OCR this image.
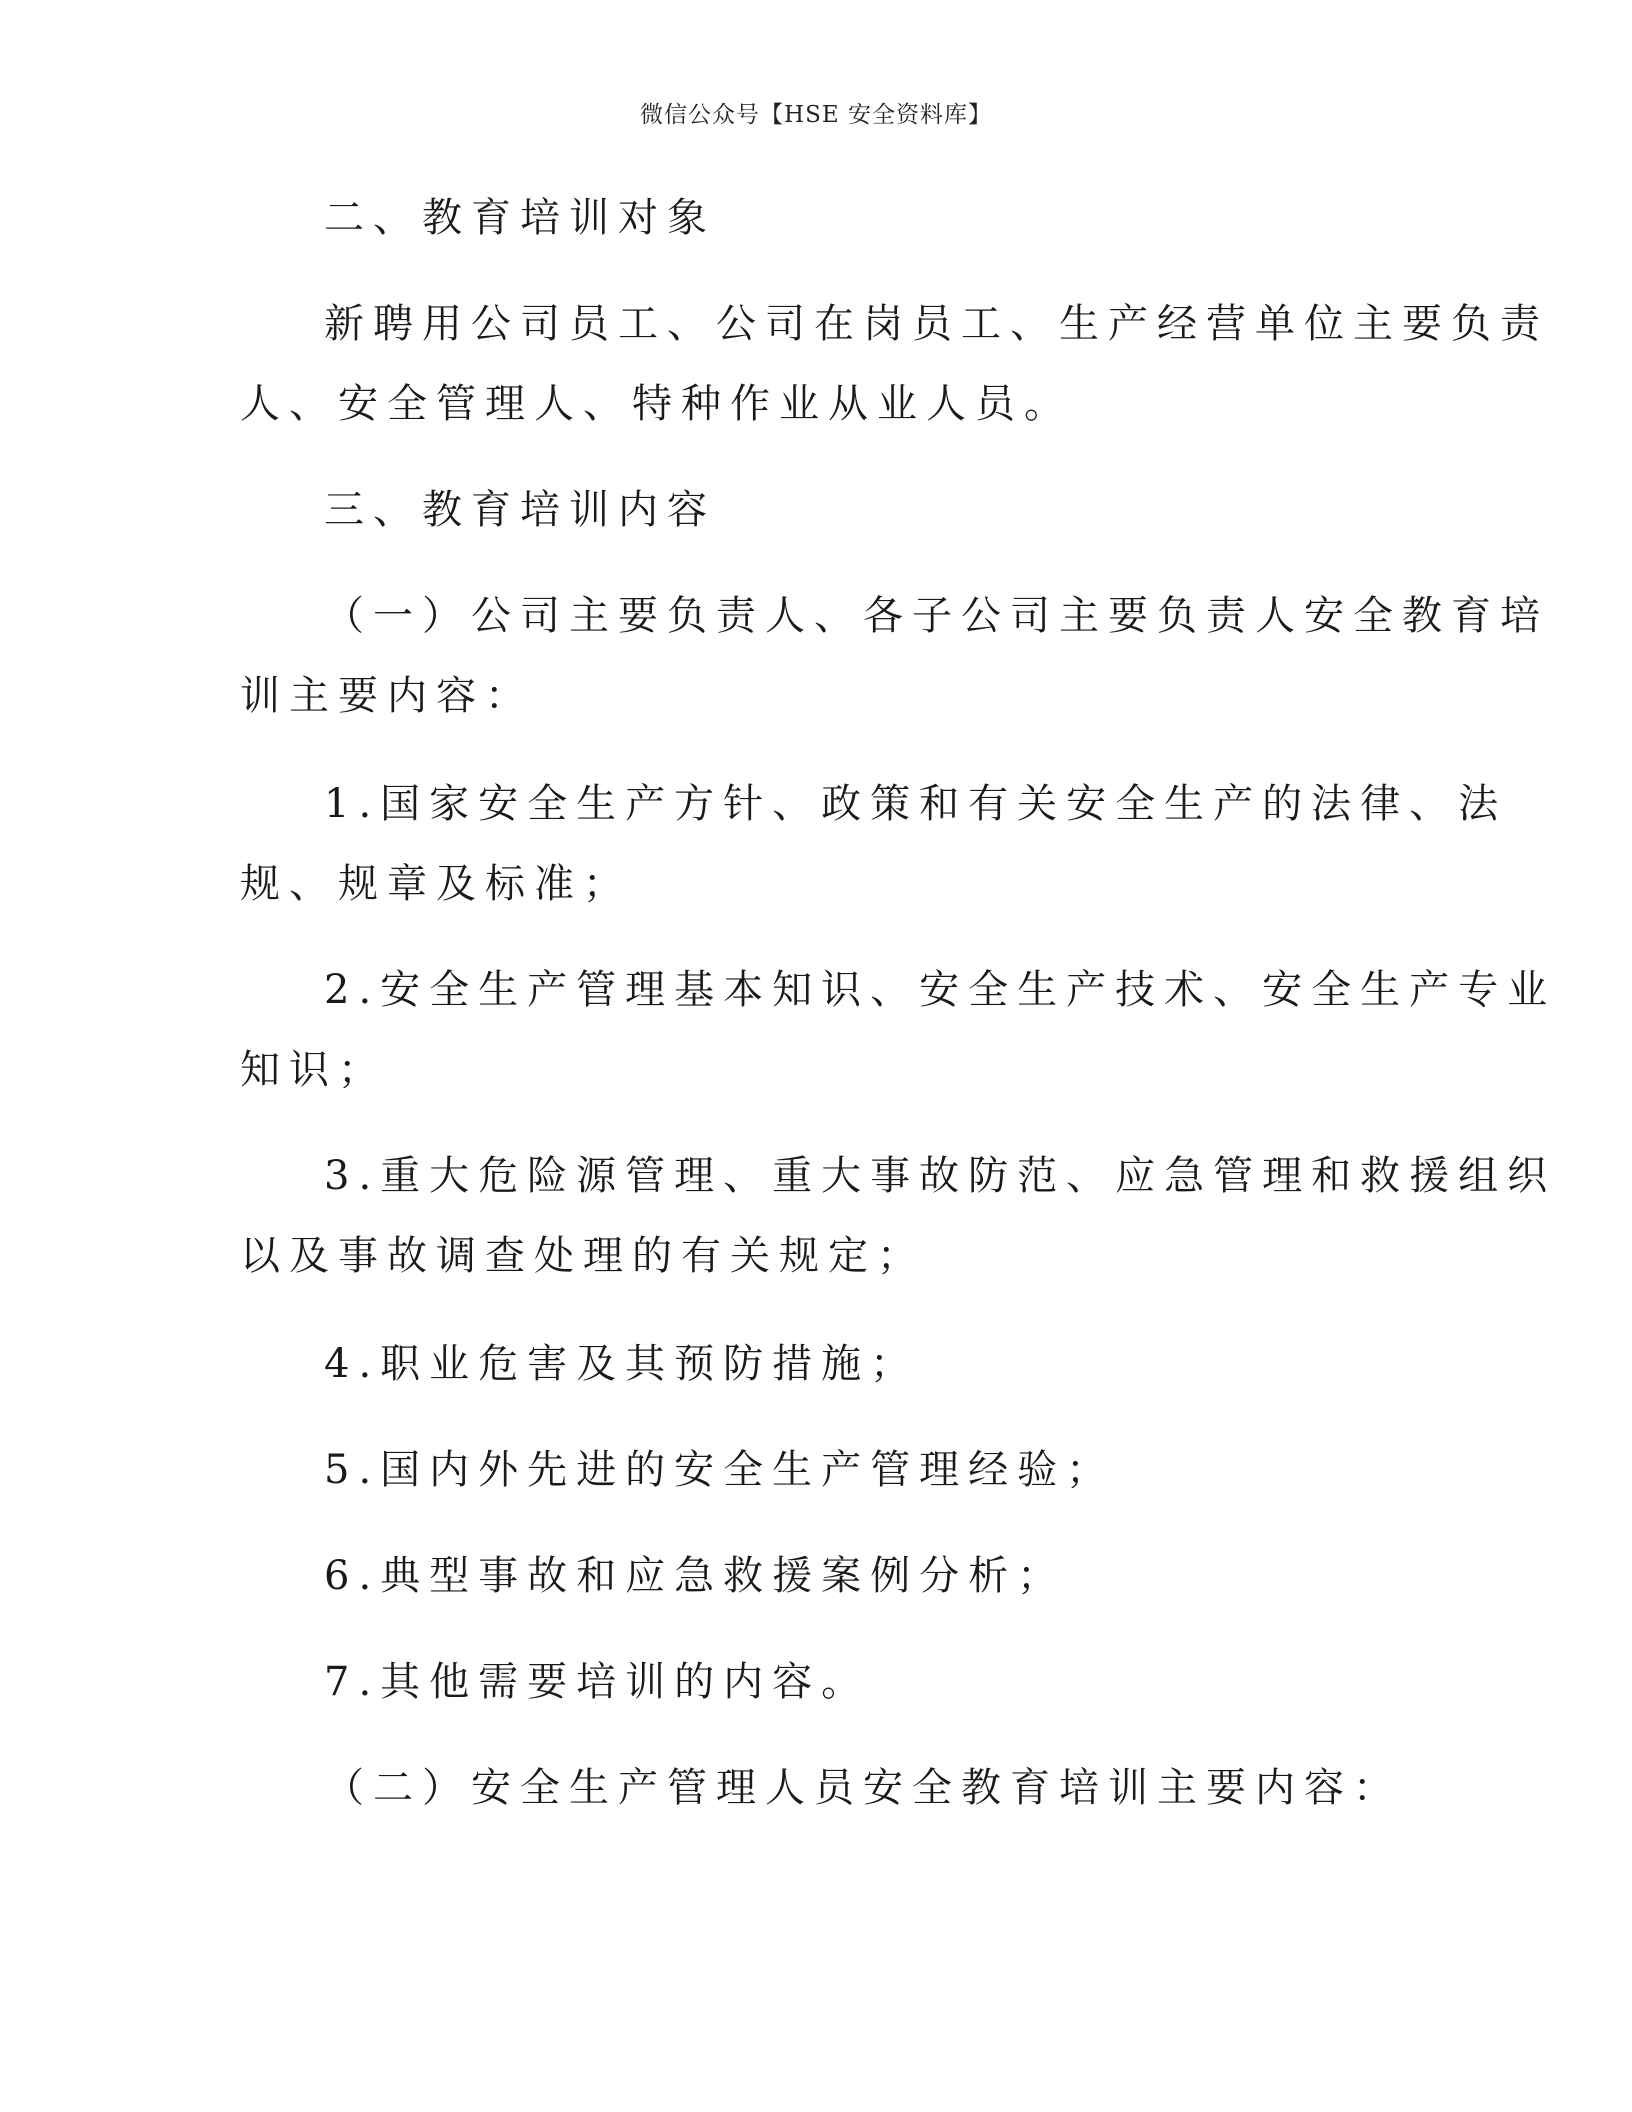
微信公众号【HSE 安全资料库】
二、教育培训对象
新聘用公司员工、公司在岗员工、生产经营单位主要负责
人、安全管理人、特种作业从业人员。
三、教育培训内容
（一）公司主要负责人、各子公司主要负责人安全教育培
训主要内容：
1.国家安全生产方针、政策和有关安全生产的法律、法
规、规章及标准；
2.安全生产管理基本知识、安全生产技术、安全生产专业
知识；
3.重大危险源管理、重大事故防范、应急管理和救援组织
以及事故调查处理的有关规定；
4.职业危害及其预防措施；
5.国内外先进的安全生产管理经验；
6.典型事故和应急救援案例分析；
7.其他需要培训的内容。
（二）安全生产管理人员安全教育培训主要内容：
